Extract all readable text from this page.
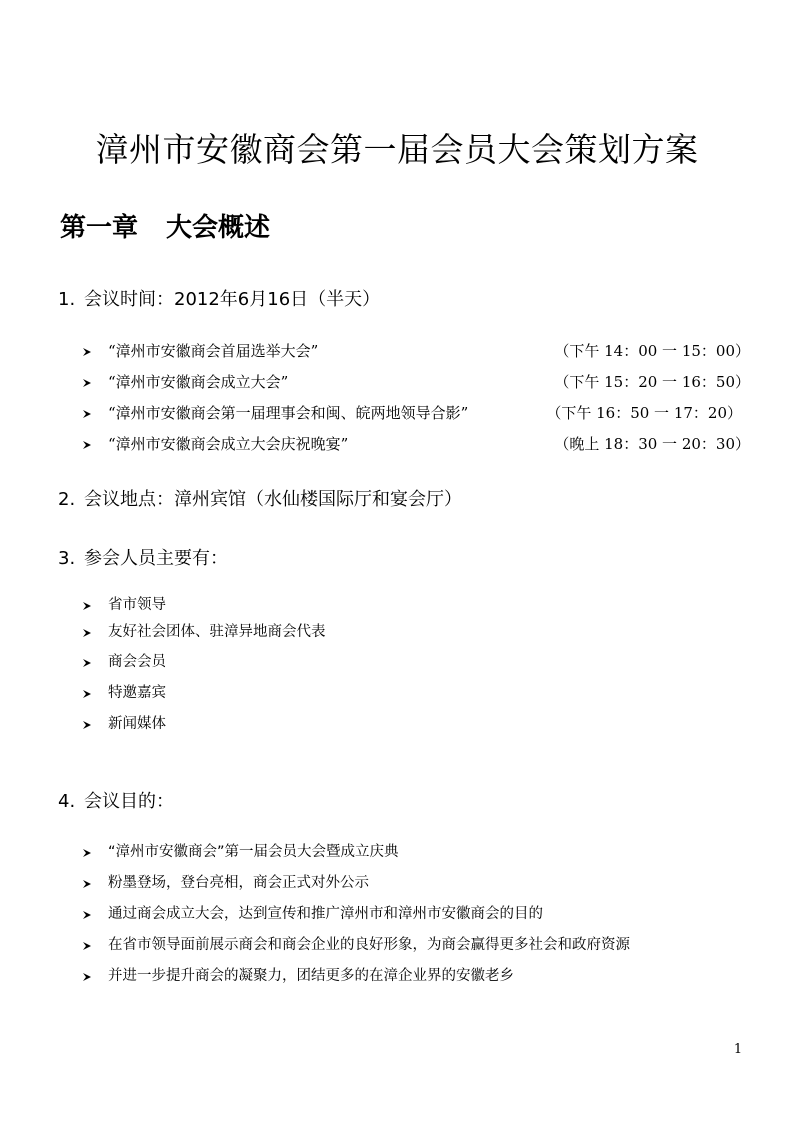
漳州市安徽商会第一届会员大会策划方案
第一章 大会概述
1. 会议时间：2012年6月16日（半天）
“漳州市安徽商会首届选举大会”	（下午 14：00 一 15：00）
“漳州市安徽商会成立大会”	（下午 15：20 一 16：50）
“漳州市安徽商会第一届理事会和闽、皖两地领导合影”	（下午 16：50 一 17：20）
“漳州市安徽商会成立大会庆祝晚宴”	（晚上 18：30 一 20：30）
2. 会议地点：漳州宾馆（水仙楼国际厅和宴会厅）
3. 参会人员主要有：
省市领导
友好社会团体、驻漳异地商会代表
商会会员
特邀嘉宾
新闻媒体
4. 会议目的：
“漳州市安徽商会”第一届会员大会暨成立庆典
粉墨登场，登台亮相，商会正式对外公示
通过商会成立大会，达到宣传和推广漳州市和漳州市安徽商会的目的
在省市领导面前展示商会和商会企业的良好形象，为商会赢得更多社会和政府资源
并进一步提升商会的凝聚力，团结更多的在漳企业界的安徽老乡
1
